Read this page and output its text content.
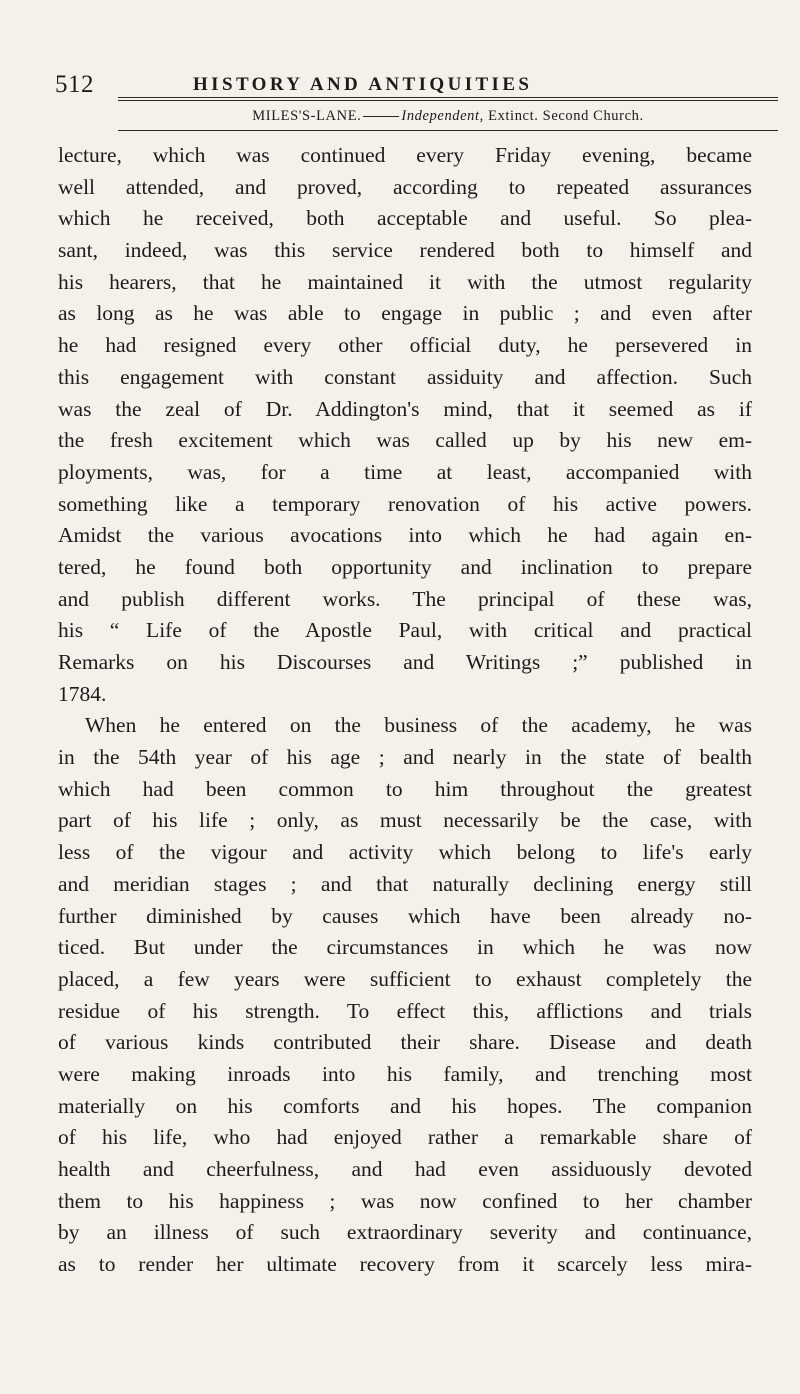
512	HISTORY AND ANTIQUITIES
MILES'S-LANE.	Independent, Extinct. Second Church.
lecture, which was continued every Friday evening, became
well attended, and proved, according to repeated assurances
which he received, both acceptable and useful. So plea-
sant, indeed, was this service rendered both to himself and
his hearers, that he maintained it with the utmost regularity
as long as he was able to engage in public ; and even after
he had resigned every other official duty, he persevered in
this engagement with constant assiduity and affection. Such
was the zeal of Dr. Addington's mind, that it seemed as if
the fresh excitement which was called up by his new em-
ployments, was, for a time at least, accompanied with
something like a temporary renovation of his active powers.
Amidst the various avocations into which he had again en-
tered, he found both opportunity and inclination to prepare
and publish different works. The principal of these was,
his “ Life of the Apostle Paul, with critical and practical
Remarks on his Discourses and Writings ;” published in
1784.
When he entered on the business of the academy, he was
in the 54th year of his age ; and nearly in the state of bealth
which had been common to him throughout the greatest
part of his life ; only, as must necessarily be the case, with
less of the vigour and activity which belong to life's early
and meridian stages ; and that naturally declining energy still
further diminished by causes which have been already no-
ticed. But under the circumstances in which he was now
placed, a few years were sufficient to exhaust completely the
residue of his strength. To effect this, afflictions and trials
of various kinds contributed their share. Disease and death
were making inroads into his family, and trenching most
materially on his comforts and his hopes. The companion
of his life, who had enjoyed rather a remarkable share of
health and cheerfulness, and had even assiduously devoted
them to his happiness ; was now confined to her chamber
by an illness of such extraordinary severity and continuance,
as to render her ultimate recovery from it scarcely less mira-
